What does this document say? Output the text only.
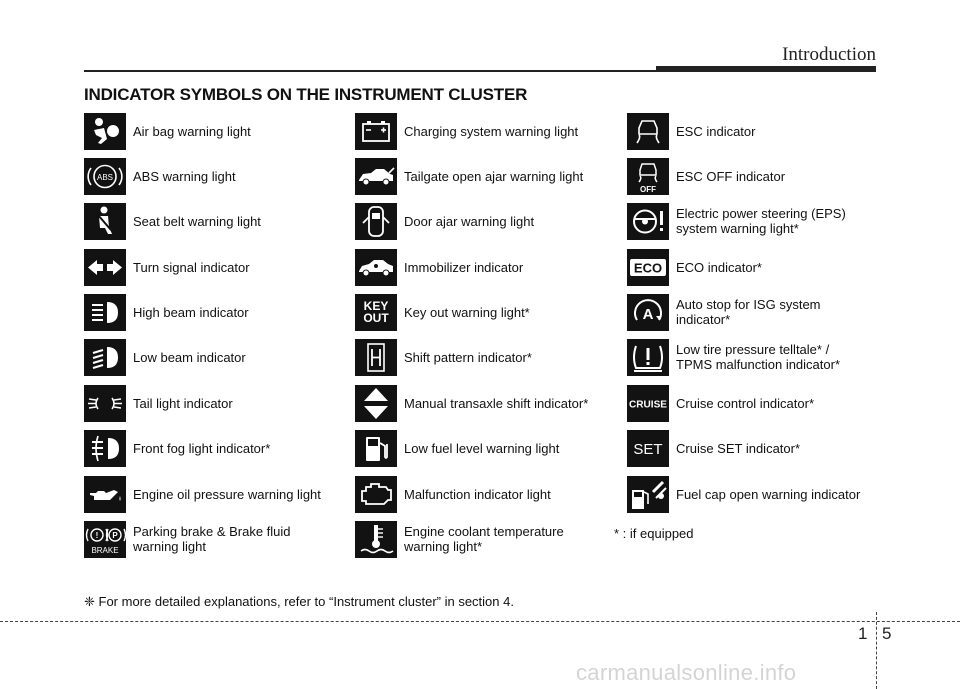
Introduction
INDICATOR SYMBOLS ON THE INSTRUMENT CLUSTER
Air bag warning light
ABS ABS warning light
Seat belt warning light
Turn signal indicator
High beam indicator
Low beam indicator
Tail light indicator
Front fog light indicator*
Engine oil pressure warning light
! P
BRAKE
Parking brake & Brake fluid
warning light
Charging system warning light
Tailgate open ajar warning light
Door ajar warning light
Immobilizer indicator
KEY
OUT	Key out warning light*
Shift pattern indicator*
Manual transaxle shift indicator*
Low fuel level warning light
Malfunction indicator light
Engine coolant temperature
warning light*
ESC indicator
OFF
ESC OFF indicator
Electric power steering (EPS)
system warning light*
ECO ECO indicator*
A
Auto stop for ISG system
indicator*
Low tire pressure telltale* /
TPMS malfunction indicator*
CRUISE Cruise control indicator*
SET Cruise SET indicator*
Fuel cap open warning indicator
* : if equipped
❈ For more detailed explanations, refer to “Instrument cluster” in section 4.
1 5
carmanualsonline.info
